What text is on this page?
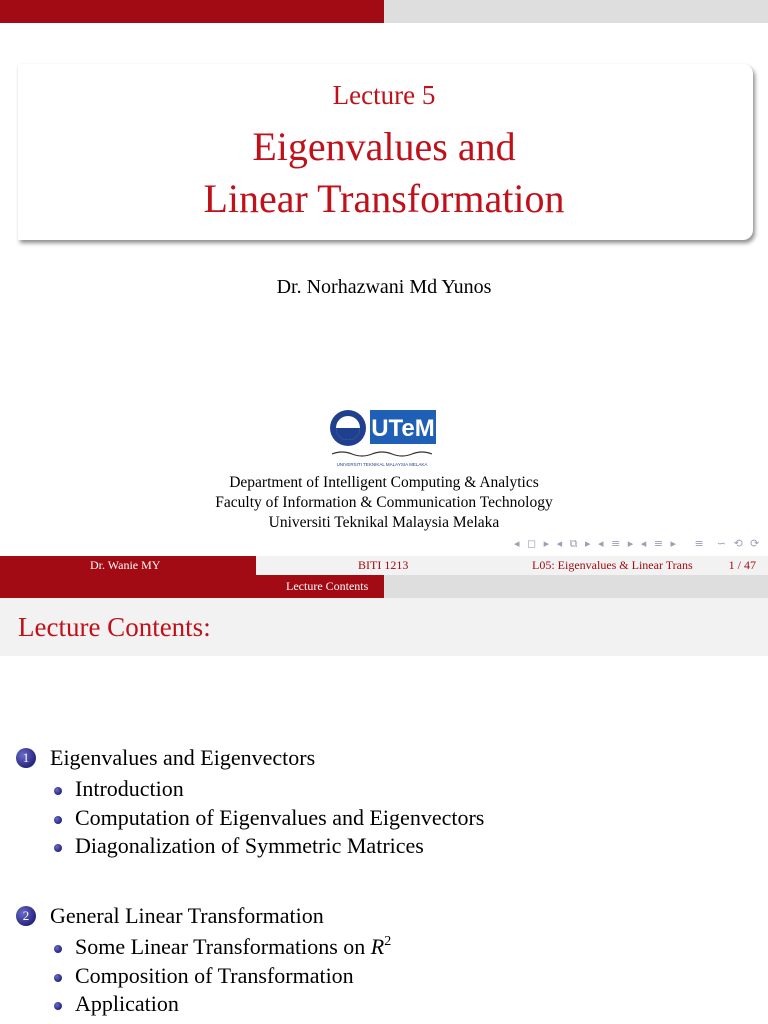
Lecture 5
Eigenvalues and
Linear Transformation
Dr. Norhazwani Md Yunos
UTeM
UNIVERSITI TEKNIKAL MALAYSIA MELAKA
Department of Intelligent Computing & Analytics
Faculty of Information & Communication Technology
Universiti Teknikal Malaysia Melaka
◂ ◻ ▸ ◂ ⧉ ▸ ◂ ≡ ▸ ◂ ≡ ▸   ≡  ∽ ⟲ ⟳
Dr. Wanie MY	BITI 1213	L05: Eigenvalues & Linear Trans	1 / 47
Lecture Contents
Lecture Contents:
1 Eigenvalues and Eigenvectors
Introduction
Computation of Eigenvalues and Eigenvectors
Diagonalization of Symmetric Matrices
2 General Linear Transformation
Some Linear Transformations on $R^2$
Composition of Transformation
Application
